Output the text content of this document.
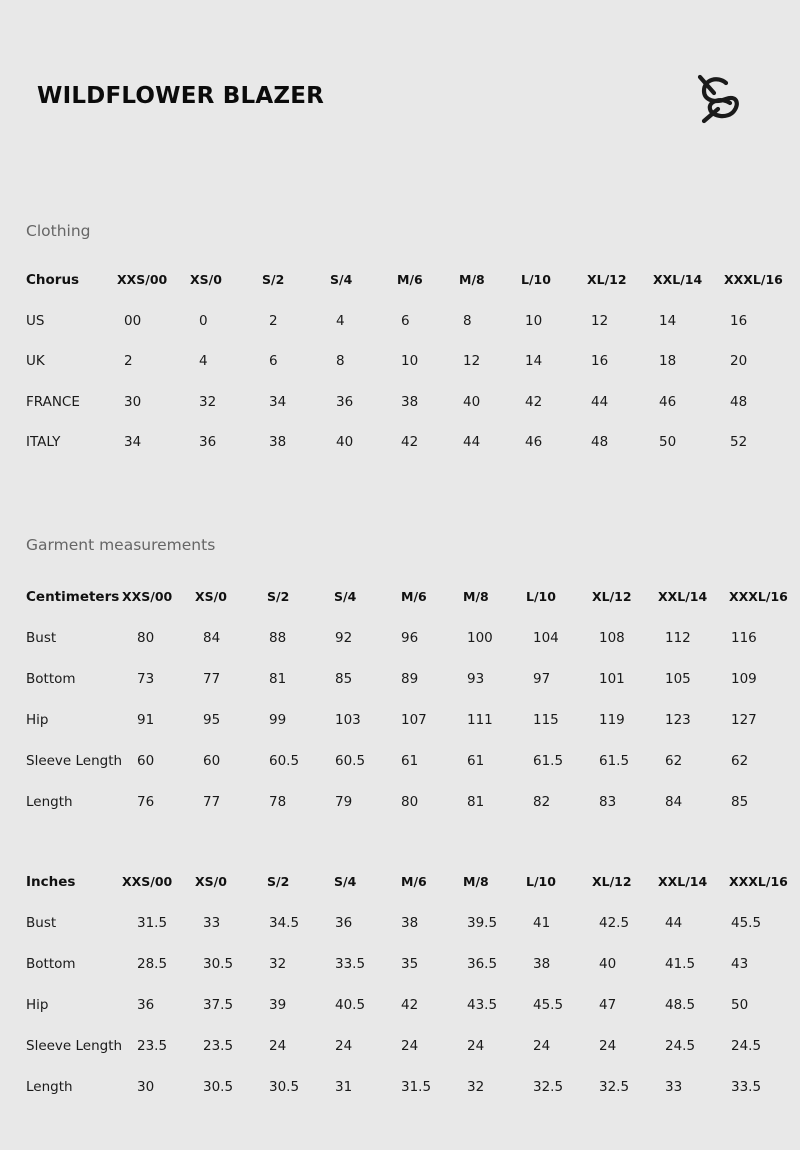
WILDFLOWER BLAZER
Clothing
Garment measurements
Chorus	XXS/00 XS/0	S/2	S/4	M/6	M/8	L/10	XL/12 XXL/14 XXXL/16
US	00	0	2	4	6	8	10	12	14	16
UK	2	4	6	8	10	12	14	16	18	20
FRANCE	30	32	34	36	38	40	42	44	46	48
ITALY	34	36	38	40	42	44	46	48	50	52
Centimeters XXS/00 XS/0	S/2	S/4	M/6	M/8	L/10	XL/12 XXL/14 XXXL/16
Bust	80	84	88	92	96	100	104	108	112	116
Bottom	73	77	81	85	89	93	97	101	105	109
Hip	91	95	99	103	107	111	115	119	123	127
Sleeve Length 60	60	60.5	60.5	61	61	61.5	61.5	62	62
Length	76	77	78	79	80	81	82	83	84	85
Inches	XXS/00 XS/0	S/2	S/4	M/6	M/8	L/10	XL/12 XXL/14 XXXL/16
Bust	31.5	33	34.5	36	38	39.5	41	42.5	44	45.5
Bottom	28.5	30.5	32	33.5	35	36.5	38	40	41.5	43
Hip	36	37.5	39	40.5	42	43.5	45.5	47	48.5	50
Sleeve Length 23.5	23.5	24	24	24	24	24	24	24.5	24.5
Length	30	30.5	30.5	31	31.5	32	32.5	32.5	33	33.5
